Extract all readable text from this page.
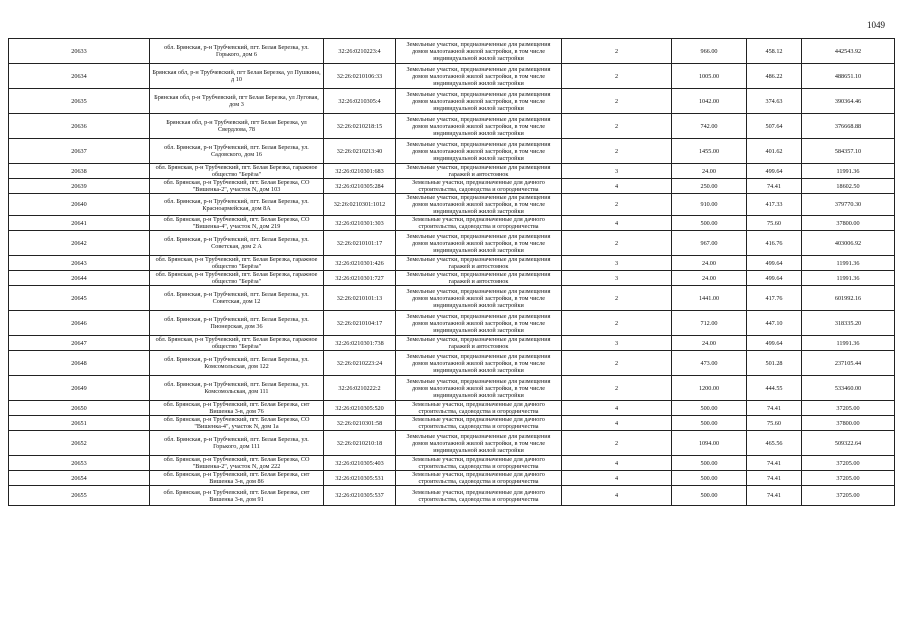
1049
20633	обл. Брянская, р-н Трубчевский, пгт. Белая Березка, ул. Горького, дом 6	32:26:0210223:4	Земельные участки, предназначенные для размещения домов малоэтажной жилой застройки, в том числе индивидуальной жилой застройки	2	966.00	458.12	442543.92
20634	Брянская обл, р-н Трубчевский, пгт Белая Березка, ул Пушкина, д 10	32:26:0210106:33	Земельные участки, предназначенные для размещения домов малоэтажной жилой застройки, в том числе индивидуальной жилой застройки	2	1005.00	486.22	488651.10
20635	Брянская обл, р-н Трубчевский, пгт Белая Березка, ул Луговая, дом 3	32:26:0210305:4	Земельные участки, предназначенные для размещения домов малоэтажной жилой застройки, в том числе индивидуальной жилой застройки	2	1042.00	374.63	390364.46
20636	Брянская обл, р-н Трубчевский, пгт Белая Березка, ул Свердлова, 78	32:26:0210218:15	Земельные участки, предназначенные для размещения домов малоэтажной жилой застройки, в том числе индивидуальной жилой застройки	2	742.00	507.64	376668.88
20637	обл. Брянская, р-н Трубчевский, пгт. Белая Березка, ул. Садовского, дом 16	32:26:0210213:40	Земельные участки, предназначенные для размещения домов малоэтажной жилой застройки, в том числе индивидуальной жилой застройки	2	1455.00	401.62	584357.10
20638	обл. Брянская, р-н Трубчевский, пгт. Белая Березка, гаражное общество "Берёза"	32:26:0210301:683	Земельные участки, предназначенные для размещения гаражей и автостоянок	3	24.00	499.64	11991.36
20639	обл. Брянская, р-н Трубчевский, пгт. Белая Березка, СО "Вишенка-2", участок N, дом 103	32:26:0210305:284	Земельные участки, предназначенные для дачного строительства, садоводства и огородничества	4	250.00	74.41	18602.50
20640	обл. Брянская, р-н Трубчевский, пгт. Белая Березка, ул. Красноармейская, дом 8А	32:26:0210301:1012	Земельные участки, предназначенные для размещения домов малоэтажной жилой застройки, в том числе индивидуальной жилой застройки	2	910.00	417.33	379770.30
20641	обл. Брянская, р-н Трубчевский, пгт. Белая Березка, СО "Вишенка-4", участок N, дом 219	32:26:0210301:303	Земельные участки, предназначенные для дачного строительства, садоводства и огородничества	4	500.00	75.60	37800.00
20642	обл. Брянская, р-н Трубчевский, пгт. Белая Березка, ул. Советская, дом 2 А	32:26:0210101:17	Земельные участки, предназначенные для размещения домов малоэтажной жилой застройки, в том числе индивидуальной жилой застройки	2	967.00	416.76	403006.92
20643	обл. Брянская, р-н Трубчевский, пгт. Белая Березка, гаражное общество "Берёза"	32:26:0210301:426	Земельные участки, предназначенные для размещения гаражей и автостоянок	3	24.00	499.64	11991.36
20644	обл. Брянская, р-н Трубчевский, пгт. Белая Березка, гаражное общество "Берёза"	32:26:0210301:727	Земельные участки, предназначенные для размещения гаражей и автостоянок	3	24.00	499.64	11991.36
20645	обл. Брянская, р-н Трубчевский, пгт. Белая Березка, ул. Советская, дом 12	32:26:0210101:13	Земельные участки, предназначенные для размещения домов малоэтажной жилой застройки, в том числе индивидуальной жилой застройки	2	1441.00	417.76	601992.16
20646	обл. Брянская, р-н Трубчевский, пгт. Белая Березка, ул. Пионерская, дом 36	32:26:0210104:17	Земельные участки, предназначенные для размещения домов малоэтажной жилой застройки, в том числе индивидуальной жилой застройки	2	712.00	447.10	318335.20
20647	обл. Брянская, р-н Трубчевский, пгт. Белая Березка, гаражное общество "Берёза"	32:26:0210301:738	Земельные участки, предназначенные для размещения гаражей и автостоянок	3	24.00	499.64	11991.36
20648	обл. Брянская, р-н Трубчевский, пгт. Белая Березка, ул. Комсомольская, дом 122	32:26:0210223:24	Земельные участки, предназначенные для размещения домов малоэтажной жилой застройки, в том числе индивидуальной жилой застройки	2	473.00	501.28	237105.44
20649	обл. Брянская, р-н Трубчевский, пгт. Белая Березка, ул. Комсомольская, дом 111	32:26:0210222:2	Земельные участки, предназначенные для размещения домов малоэтажной жилой застройки, в том числе индивидуальной жилой застройки	2	1200.00	444.55	533460.00
20650	обл. Брянская, р-н Трубчевский, пгт. Белая Березка, снт Вишенка 3-в, дом 76	32:26:0210305:520	Земельные участки, предназначенные для дачного строительства, садоводства и огородничества	4	500.00	74.41	37205.00
20651	обл. Брянская, р-н Трубчевский, пгт. Белая Березка, СО "Вишенка-4", участок N, дом 1а	32:26:0210301:58	Земельные участки, предназначенные для дачного строительства, садоводства и огородничества	4	500.00	75.60	37800.00
20652	обл. Брянская, р-н Трубчевский, пгт. Белая Березка, ул. Горького, дом 111	32:26:0210210:18	Земельные участки, предназначенные для размещения домов малоэтажной жилой застройки, в том числе индивидуальной жилой застройки	2	1094.00	465.56	509322.64
20653	обл. Брянская, р-н Трубчевский, пгт. Белая Березка, СО "Вишенка-2", участок N, дом 222	32:26:0210305:403	Земельные участки, предназначенные для дачного строительства, садоводства и огородничества	4	500.00	74.41	37205.00
20654	обл. Брянская, р-н Трубчевский, пгт. Белая Березка, снт Вишенка 3-в, дом 86	32:26:0210305:531	Земельные участки, предназначенные для дачного строительства, садоводства и огородничества	4	500.00	74.41	37205.00
20655	обл. Брянская, р-н Трубчевский, пгт. Белая Березка, снт Вишенка 3-в, дом 91	32:26:0210305:537	Земельные участки, предназначенные для дачного строительства, садоводства и огородничества	4	500.00	74.41	37205.00
